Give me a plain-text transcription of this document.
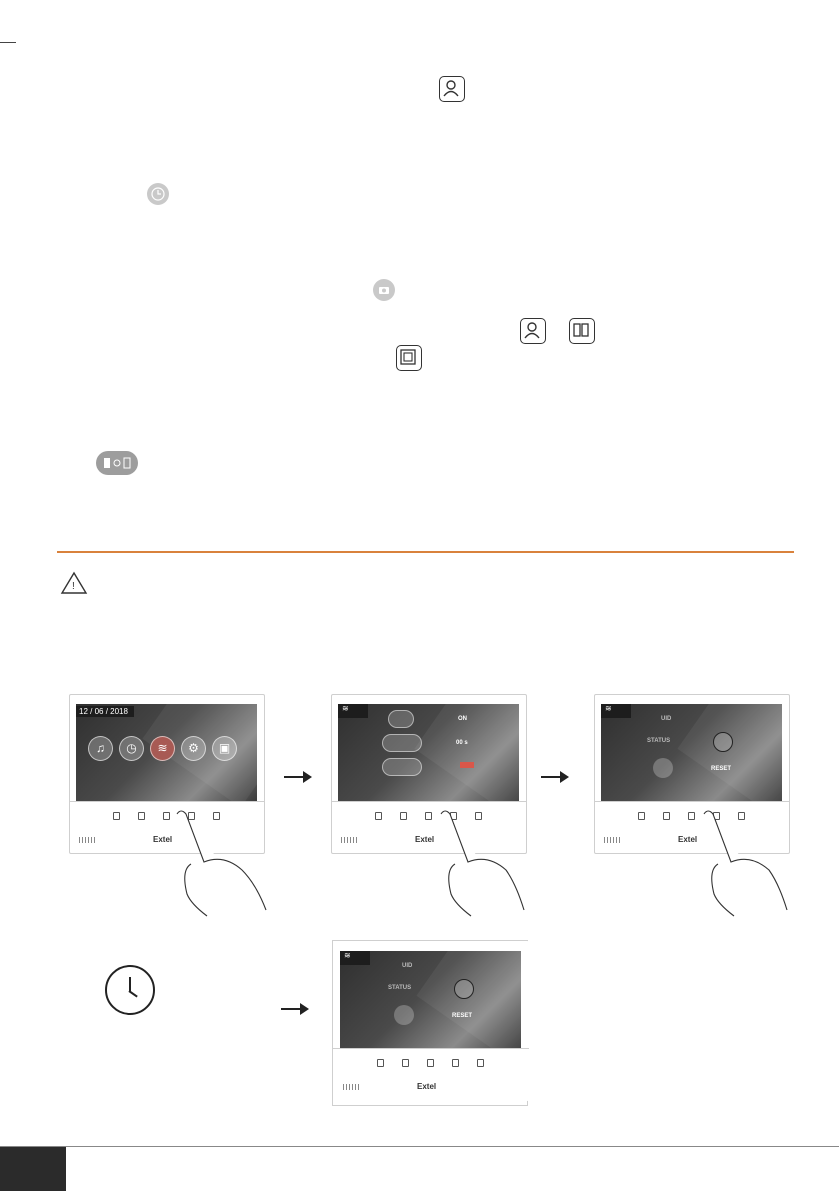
!
12 / 06 / 2018
♫	◷	≋	⚙	▣
Extel
≋
ON
00 s
Extel
≋
UID
STATUS
RESET
Extel
≋
UID
STATUS
RESET
Extel
